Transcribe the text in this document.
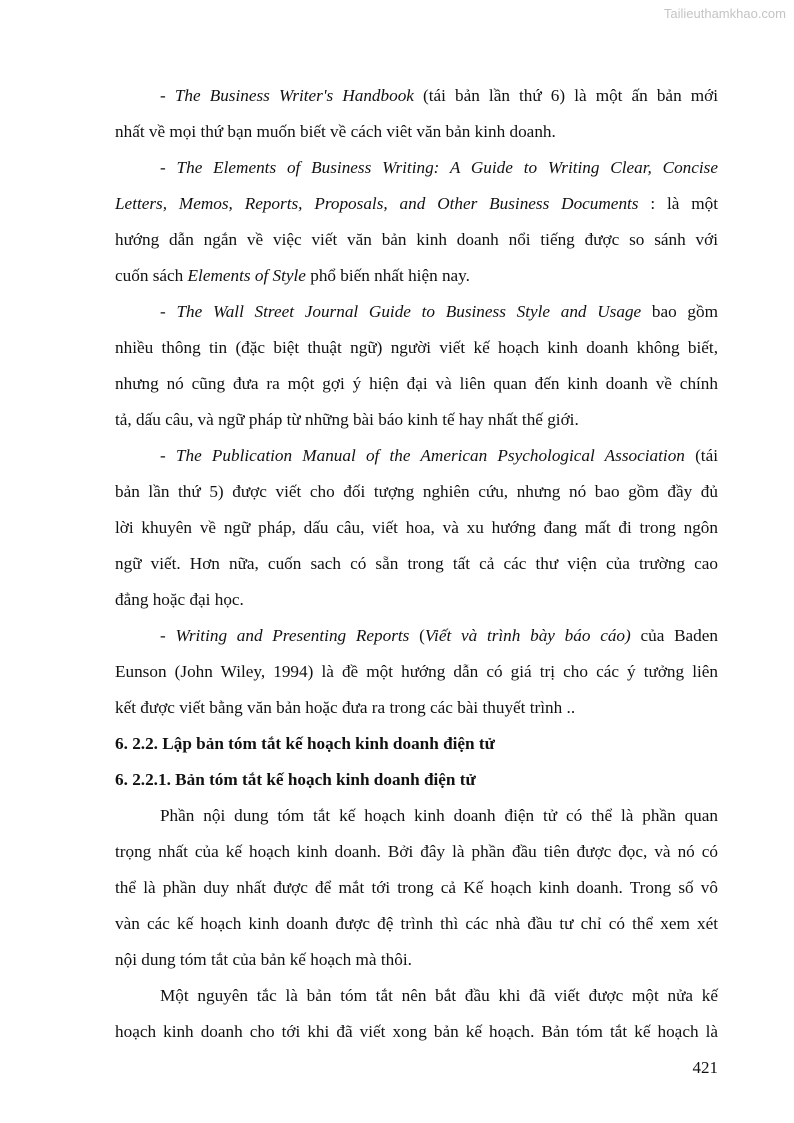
Tailieuthamkhao.com
- The Business Writer's Handbook (tái bản lần thứ 6) là một ấn bản mới
nhất về mọi thứ bạn muốn biết về cách viêt văn bản kinh doanh.
- The Elements of Business Writing: A Guide to Writing Clear, Concise
Letters, Memos, Reports, Proposals, and Other Business Documents : là một
hướng dẫn ngắn về việc viết văn bản kinh doanh nổi tiếng được so sánh với
cuốn sách Elements of Style phổ biến nhất hiện nay.
- The Wall Street Journal Guide to Business Style and Usage bao gồm
nhiều thông tin (đặc biệt thuật ngữ) người viết kế hoạch kinh doanh không biết,
nhưng nó cũng đưa ra một gợi ý hiện đại và liên quan đến kinh doanh về chính
tả, dấu câu, và ngữ pháp từ những bài báo kinh tế hay nhất thế giới.
- The Publication Manual of the American Psychological Association (tái
bản lần thứ 5) được viết cho đối tượng nghiên cứu, nhưng nó bao gồm đầy đủ
lời khuyên về ngữ pháp, dấu câu, viết hoa, và xu hướng đang mất đi trong ngôn
ngữ viết. Hơn nữa, cuốn sach có sẵn trong tất cả các thư viện của trường cao
đẳng hoặc đại học.
- Writing and Presenting Reports (Viết và trình bày báo cáo) của Baden
Eunson (John Wiley, 1994) là đề một hướng dẫn có giá trị cho các ý tưởng liên
kết được viết bằng văn bản hoặc đưa ra trong các bài thuyết trình ..
6. 2.2. Lập bản tóm tắt kế hoạch kinh doanh điện tử
6. 2.2.1. Bản tóm tắt kế hoạch kinh doanh điện tử
Phần nội dung tóm tắt kế hoạch kinh doanh điện tử có thể là phần quan
trọng nhất của kế hoạch kinh doanh. Bởi đây là phần đầu tiên được đọc, và nó có
thể là phần duy nhất được để mắt tới trong cả Kế hoạch kinh doanh. Trong số vô
vàn các kế hoạch kinh doanh được đệ trình thì các nhà đầu tư chỉ có thể xem xét
nội dung tóm tắt của bản kế hoạch mà thôi.
Một nguyên tắc là bản tóm tắt nên bắt đầu khi đã viết được một nửa kế
hoạch kinh doanh cho tới khi đã viết xong bản kế hoạch. Bản tóm tắt kế hoạch là
421
